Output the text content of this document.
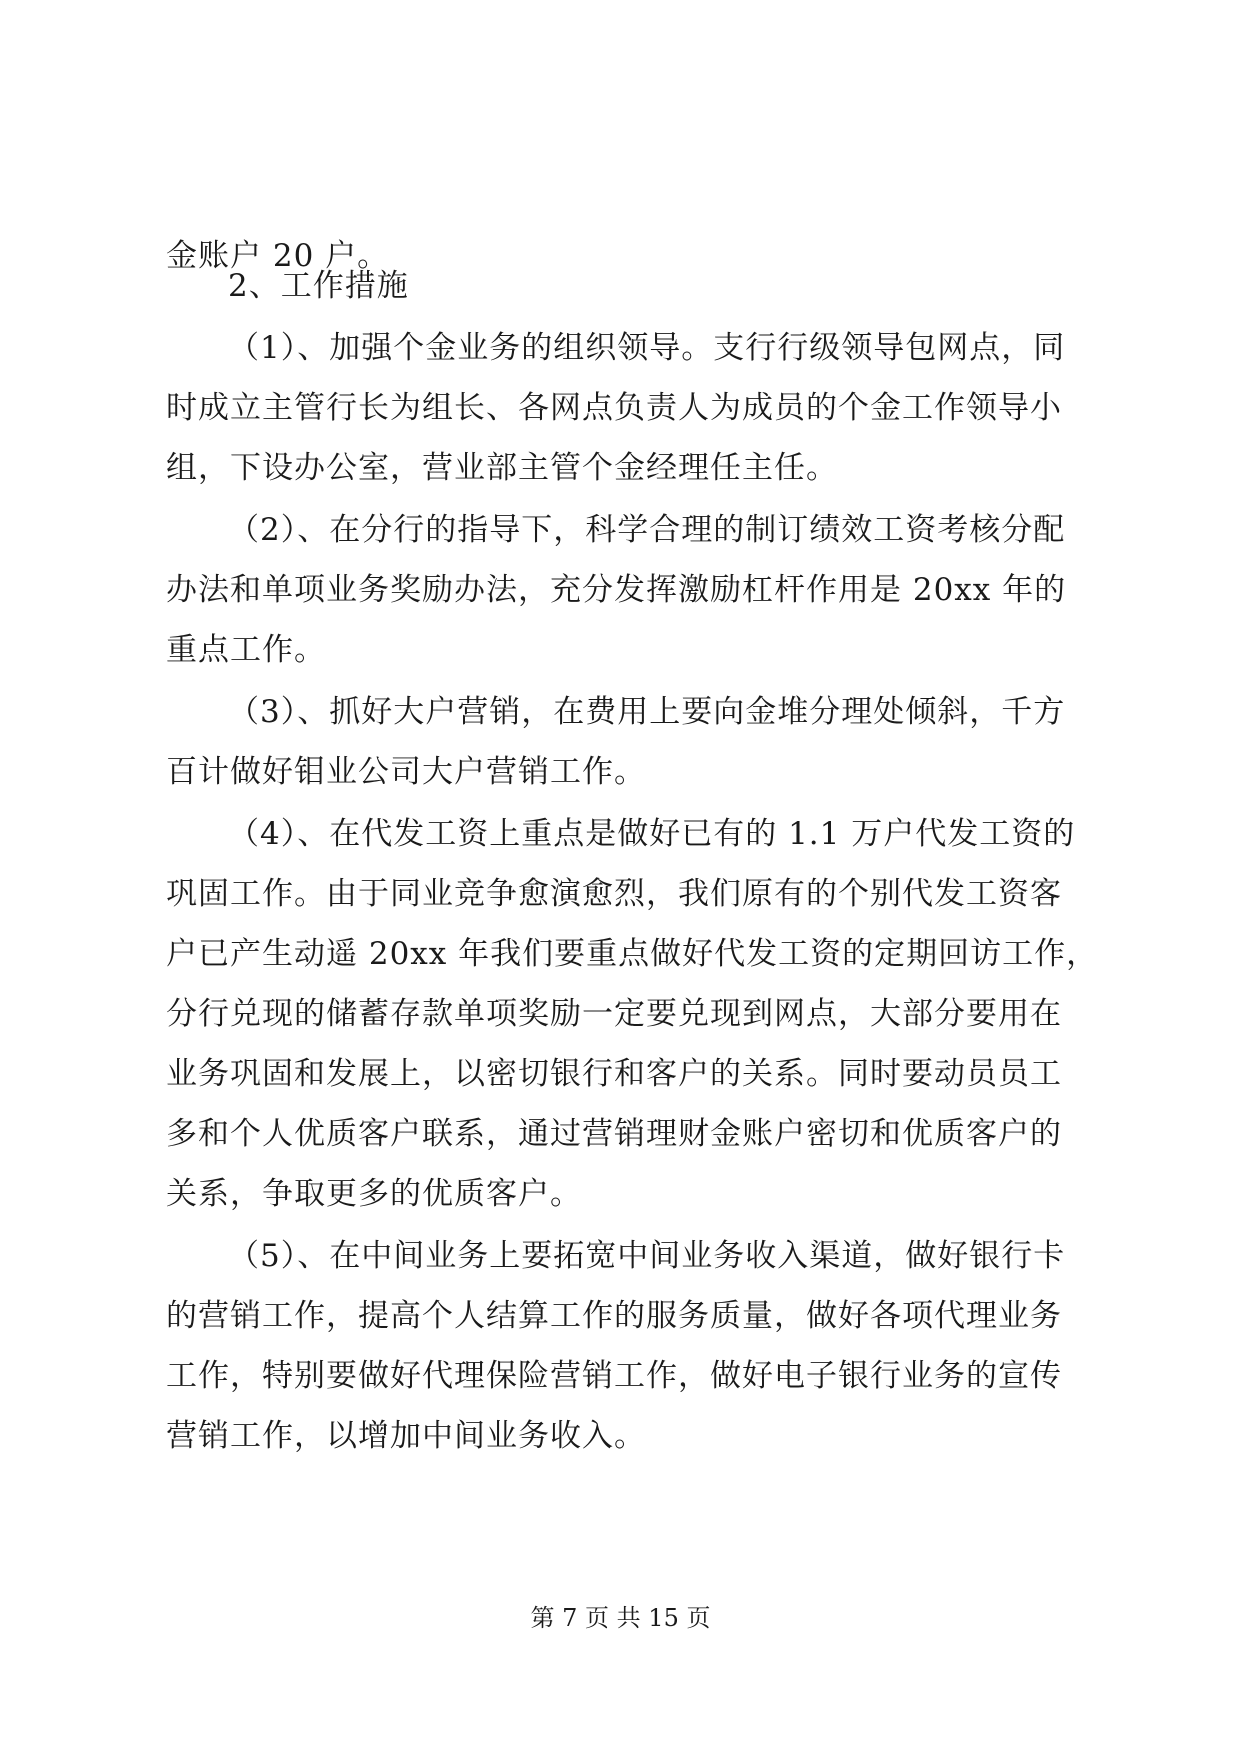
金账户 20 户。
2、工作措施
（1）、加强个金业务的组织领导。支行行级领导包网点，同
时成立主管行长为组长、各网点负责人为成员的个金工作领导小
组，下设办公室，营业部主管个金经理任主任。
（2）、在分行的指导下，科学合理的制订绩效工资考核分配
办法和单项业务奖励办法，充分发挥激励杠杆作用是 20xx 年的
重点工作。
（3）、抓好大户营销，在费用上要向金堆分理处倾斜，千方
百计做好钼业公司大户营销工作。
（4）、在代发工资上重点是做好已有的 1.1 万户代发工资的
巩固工作。由于同业竞争愈演愈烈，我们原有的个别代发工资客
户已产生动遥 20xx 年我们要重点做好代发工资的定期回访工作，
分行兑现的储蓄存款单项奖励一定要兑现到网点，大部分要用在
业务巩固和发展上，以密切银行和客户的关系。同时要动员员工
多和个人优质客户联系，通过营销理财金账户密切和优质客户的
关系，争取更多的优质客户。
（5）、在中间业务上要拓宽中间业务收入渠道，做好银行卡
的营销工作，提高个人结算工作的服务质量，做好各项代理业务
工作，特别要做好代理保险营销工作，做好电子银行业务的宣传
营销工作，以增加中间业务收入。
第 7 页 共 15 页
